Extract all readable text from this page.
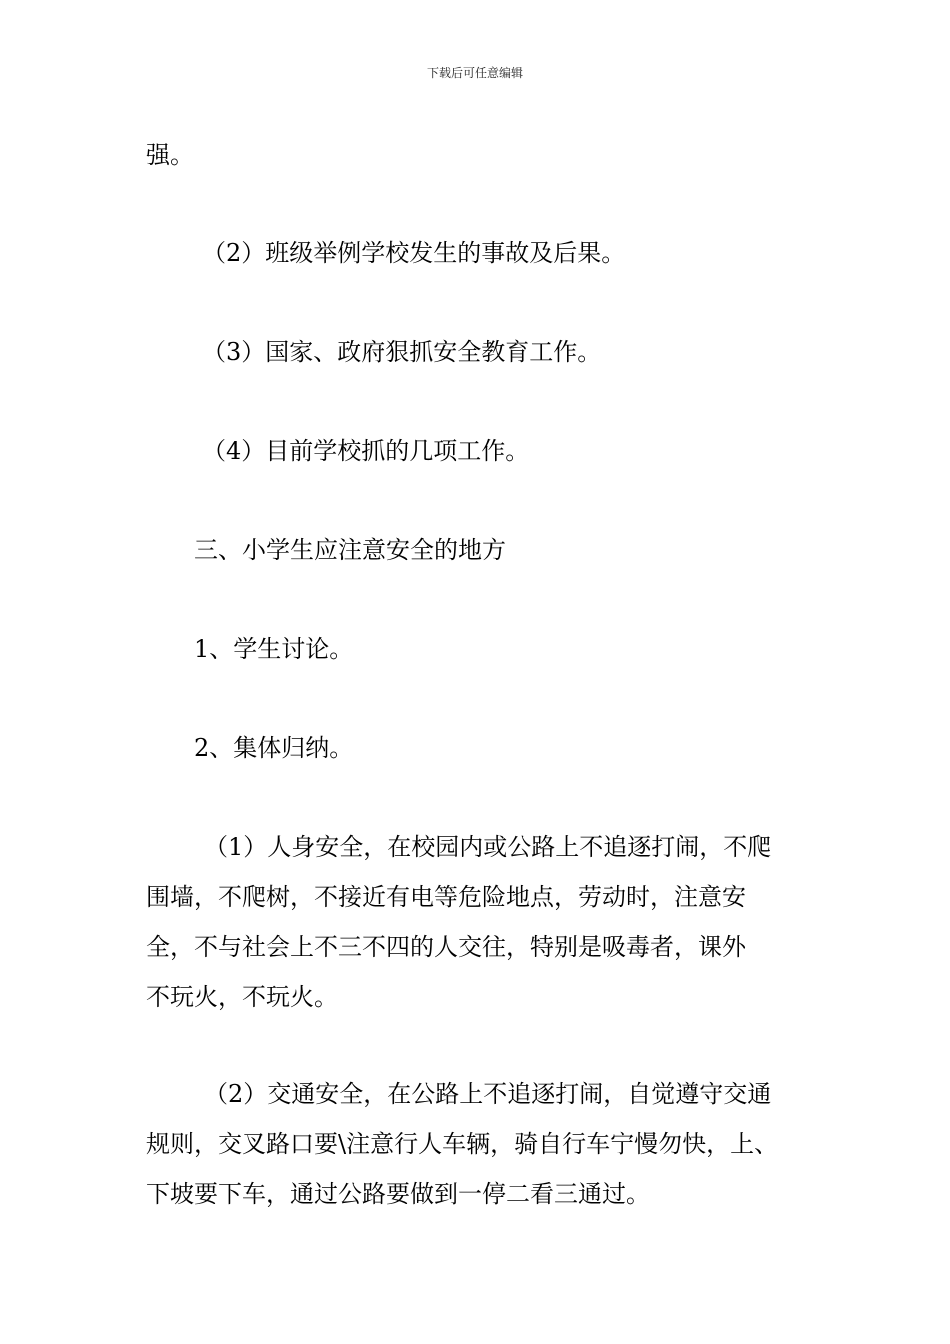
下载后可任意编辑

强。

（2）班级举例学校发生的事故及后果。

（3）国家、政府狠抓安全教育工作。

（4）目前学校抓的几项工作。

三、小学生应注意安全的地方

1、学生讨论。

2、集体归纳。

（1）人身安全，在校园内或公路上不追逐打闹，不爬
围墙，不爬树，不接近有电等危险地点，劳动时，注意安
全，不与社会上不三不四的人交往，特别是吸毒者，课外
不玩火，不玩火。

（2）交通安全，在公路上不追逐打闹，自觉遵守交通
规则，交叉路口要\注意行人车辆，骑自行车宁慢勿快，上、
下坡要下车，通过公路要做到一停二看三通过。
